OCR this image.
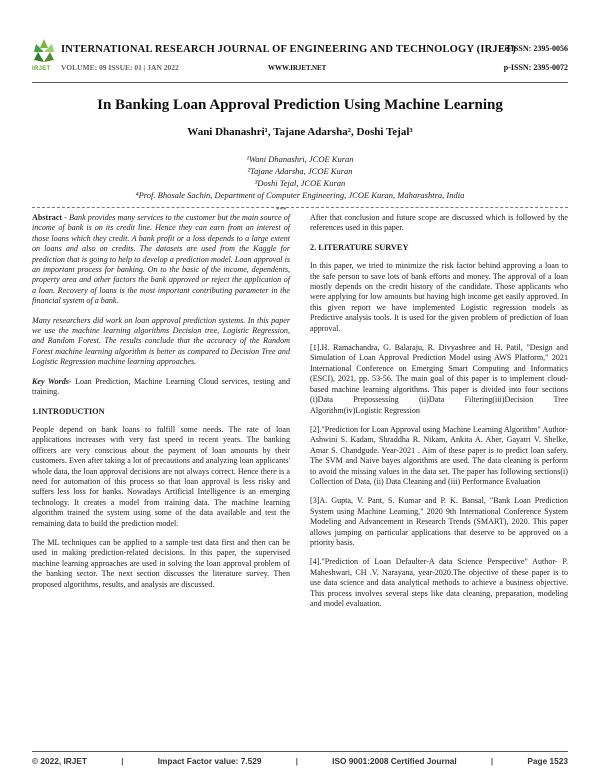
IRJET
INTERNATIONAL RESEARCH JOURNAL OF ENGINEERING AND TECHNOLOGY (IRJET)
e-ISSN: 2395-0056
VOLUME: 09 ISSUE: 01 | JAN 2022	WWW.IRJET.NET	p-ISSN: 2395-0072
In Banking Loan Approval Prediction Using Machine Learning
Wani Dhanashri¹, Tajane Adarsha², Doshi Tejal³
¹Wani Dhanashri, JCOE Kuran
²Tajane Adarsha, JCOE Kuran
³Doshi Tejal, JCOE Kuran
⁴Prof. Bhosale Sachin, Department of Computer Engineering, JCOE Kuran, Maharashtra, India
***

Abstract - Bank provides many services to the customer but the main source of income of bank is on its credit line. Hence they can earn from an interest of those loans which they credit. A bank profit or a loss depends to a large extent on loans and also on credits. The datasets are used from the Kaggle for prediction that is going to help to develop a prediction model. Loan approval is an important process for banking. On to the basic of the income, dependents, property area and other factors the bank approved or reject the application of a loan. Recovery of loans is the most important contributing parameter in the financial system of a bank.

Many researchers did work on loan approval prediction systems. In this paper we use the machine learning algorithms Decision tree, Logistic Regression, and Random Forest. The results conclude that the accuracy of the Random Forest machine learning algorithm is better as compared to Decision Tree and Logistic Regression machine learning approaches.

Key Words- Loan Prediction, Machine Learning Cloud services, testing and training.

1.INTRODUCTION

People depend on bank loans to fulfill some needs. The rate of loan applications increases with very fast speed in recent years. The banking officers are very conscious about the payment of loan amounts by their customers. Even after taking a lot of precautions and analyzing loan applicants' whole data, the loan approval decisions are not always correct. Hence there is a need for automation of this process so that loan approval is less risky and suffers less loss for banks. Nowadays Artificial Intelligence is an emerging technology. It creates a model from training data. The machine learning algorithm trained the system using some of the data available and test the remaining data to build the prediction model.

The ML techniques can be applied to a sample test data first and then can be used in making prediction-related decisions. In this paper, the supervised machine learning approaches are used in solving the loan approval problem of the banking sector. The next section discusses the literature survey. Then proposed algorithms, results, and analysis are discussed.

After that conclusion and future scope are discussed which is followed by the references used in this paper.

2. LITERATURE SURVEY

In this paper, we tried to minimize the risk factor behind approving a loan to the safe person to save lots of bank efforts and money. The approval of a loan mostly depends on the credit history of the candidate. Those applicants who were applying for low amounts but having high income get easily approved. In this given report we have implemented Logistic regression models as Predictive analysis tools. It is used for the given problem of prediction of loan approval.

[1].H. Ramachandra, G. Balaraju, R. Divyashree and H. Patil, "Design and Simulation of Loan Approval Prediction Model using AWS Platform," 2021 International Conference on Emerging Smart Computing and Informatics (ESCI), 2021, pp. 53-56. The main goal of this paper is to implement cloud-based machine learning algorithms. This paper is divided into four sections (i)Data Prepossessing (ii)Data Filtering(iii)Decision Tree Algorithm(iv)Logistic Regression

[2]."Prediction for Loan Approval using Machine Learning Algorithm" Author-Ashwini S. Kadam, Shraddha R. Nikam, Ankita A. Aher, Gayatri V. Shelke, Amar S. Chandgude. Year-2021 . Aim of these paper is to predict loan safety. The SVM and Naive bayes algorithms are used. The data cleaning is perform to avoid the missing values in the data set. The paper has following sections(i) Collection of Data, (ii) Data Cleaning and (iii) Performance Evaluation

[3]A. Gupta, V. Pant, S. Kumar and P. K. Bansal, "Bank Loan Prediction System using Machine Learning," 2020 9th International Conference System Modeling and Advancement in Research Trends (SMART), 2020. This paper allows jumping on particular applications that deserve to be approved on a priority basis.

[4]."Prediction of Loan Defaulter-A data Science Perspective" Author- P. Maheshwari, CH .V. Narayana, year-2020.The objective of these paper is to use data science and data analytical methods to achieve a business objective. This process involves several steps like data cleaning, preparation, modeling and model evaluation.

© 2022, IRJET	|	Impact Factor value: 7.529	|	ISO 9001:2008 Certified Journal	|	Page 1523
